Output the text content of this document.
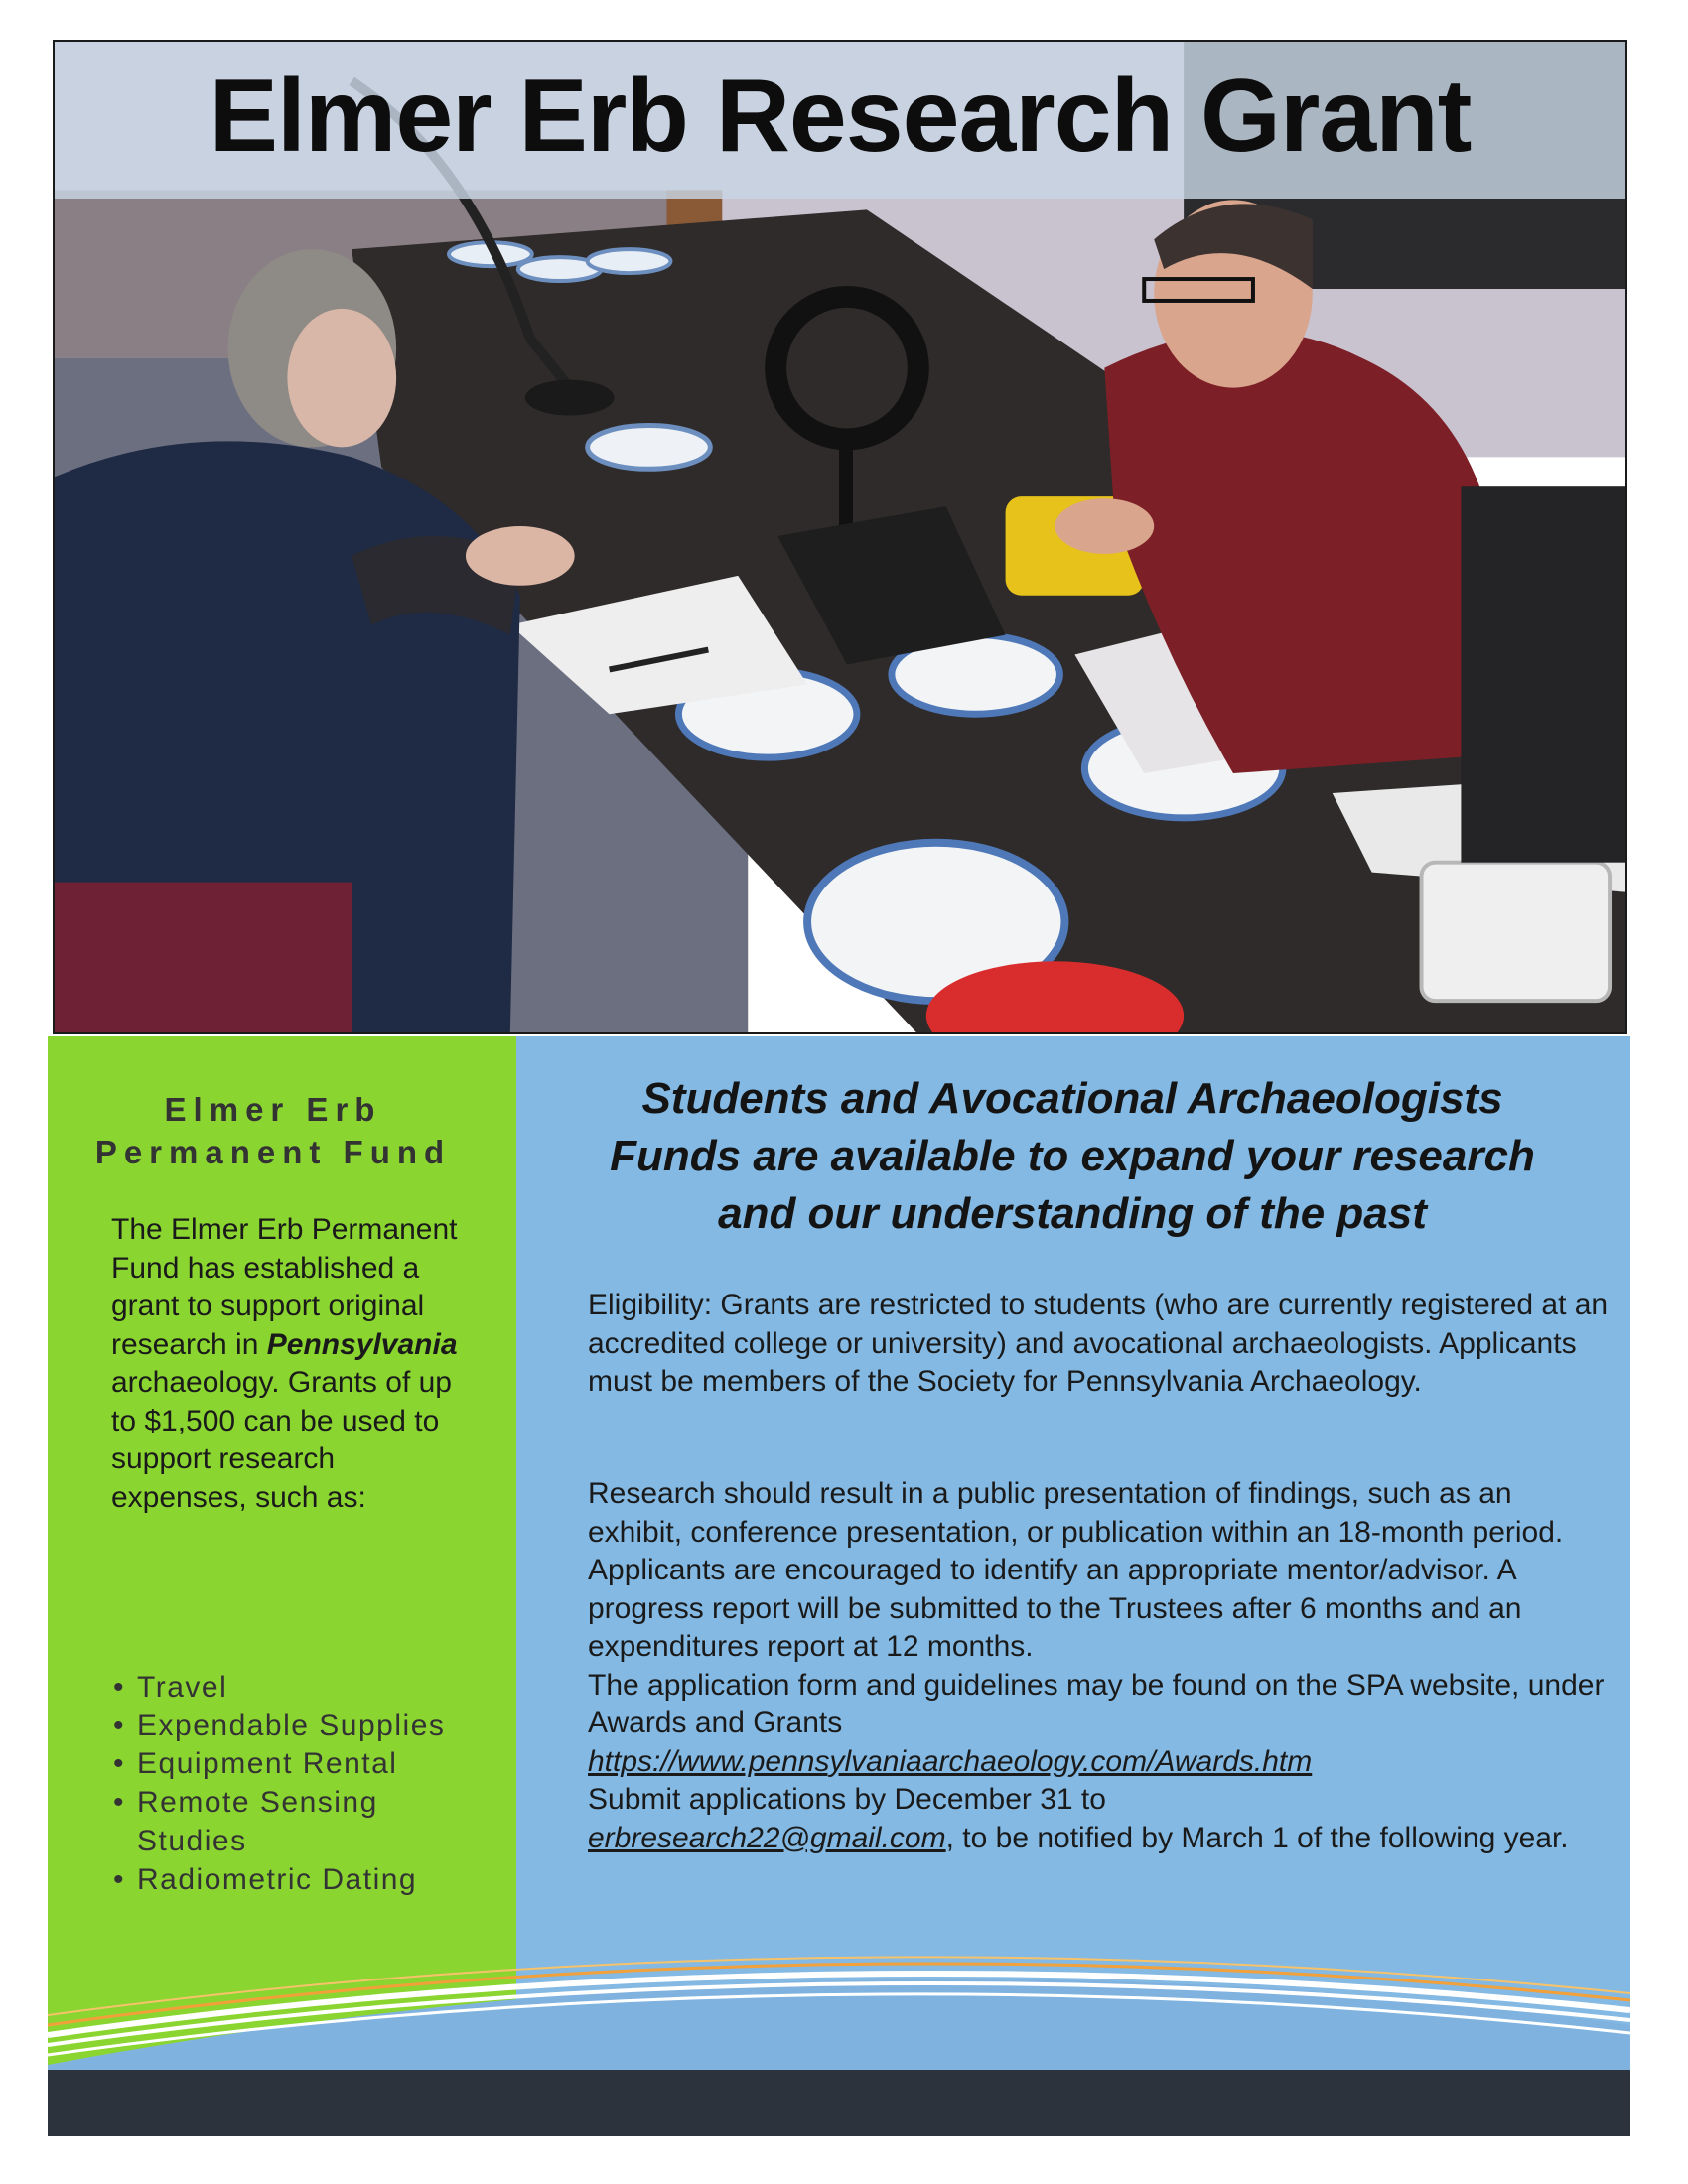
Elmer Erb Research Grant
Elmer Erb
Permanent Fund
The Elmer Erb Permanent Fund has established a grant to support original research in Pennsylvania archaeology. Grants of up to $1,500 can be used to support research expenses, such as:
• Travel
• Expendable Supplies
• Equipment Rental
• Remote Sensing Studies
• Radiometric Dating
Students and Avocational Archaeologists
Funds are available to expand your research
and our understanding of the past
Eligibility: Grants are restricted to students (who are currently registered at an accredited college or university) and avocational archaeologists. Applicants must be members of the Society for Pennsylvania Archaeology.
Research should result in a public presentation of findings, such as an exhibit, conference presentation, or publication within an 18-month period. Applicants are encouraged to identify an appropriate mentor/advisor. A progress report will be submitted to the Trustees after 6 months and an expenditures report at 12 months.
The application form and guidelines may be found on the SPA website, under Awards and Grants
https://www.pennsylvaniaarchaeology.com/Awards.htm
Submit applications by December 31 to
erbresearch22@gmail.com, to be notified by March 1 of the following year.
